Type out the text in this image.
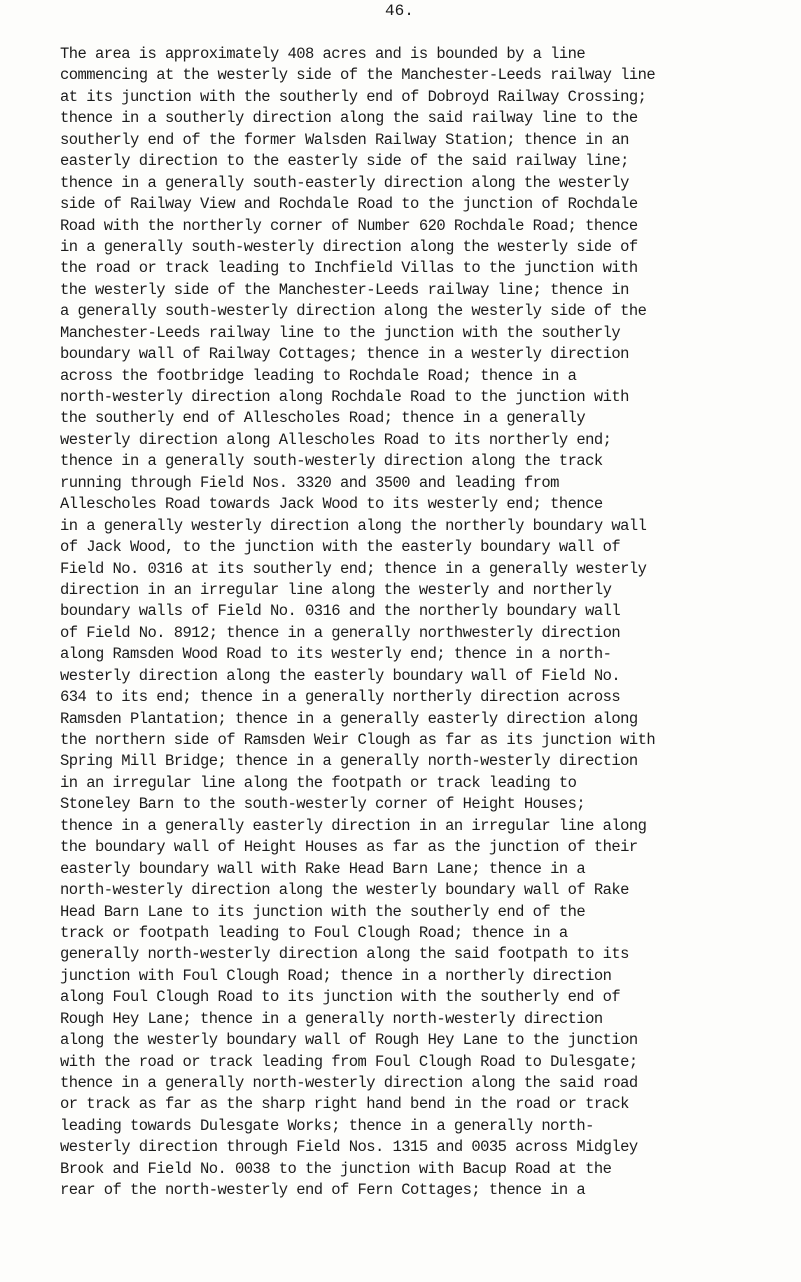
46.
The area is approximately 408 acres and is bounded by a line
commencing at the westerly side of the Manchester-Leeds railway line
at its junction with the southerly end of Dobroyd Railway Crossing;
thence in a southerly direction along the said railway line to the
southerly end of the former Walsden Railway Station; thence in an
easterly direction to the easterly side of the said railway line;
thence in a generally south-easterly direction along the westerly
side of Railway View and Rochdale Road to the junction of Rochdale
Road with the northerly corner of Number 620 Rochdale Road; thence
in a generally south-westerly direction along the westerly side of
the road or track leading to Inchfield Villas to the junction with
the westerly side of the Manchester-Leeds railway line; thence in
a generally south-westerly direction along the westerly side of the
Manchester-Leeds railway line to the junction with the southerly
boundary wall of Railway Cottages; thence in a westerly direction
across the footbridge leading to Rochdale Road; thence in a
north-westerly direction along Rochdale Road to the junction with
the southerly end of Allescholes Road; thence in a generally
westerly direction along Allescholes Road to its northerly end;
thence in a generally south-westerly direction along the track
running through Field Nos. 3320 and 3500 and leading from
Allescholes Road towards Jack Wood to its westerly end; thence
in a generally westerly direction along the northerly boundary wall
of Jack Wood, to the junction with the easterly boundary wall of
Field No. 0316 at its southerly end; thence in a generally westerly
direction in an irregular line along the westerly and northerly
boundary walls of Field No. 0316 and the northerly boundary wall
of Field No. 8912; thence in a generally northwesterly direction
along Ramsden Wood Road to its westerly end; thence in a north-
westerly direction along the easterly boundary wall of Field No.
634 to its end; thence in a generally northerly direction across
Ramsden Plantation; thence in a generally easterly direction along
the northern side of Ramsden Weir Clough as far as its junction with
Spring Mill Bridge; thence in a generally north-westerly direction
in an irregular line along the footpath or track leading to
Stoneley Barn to the south-westerly corner of Height Houses;
thence in a generally easterly direction in an irregular line along
the boundary wall of Height Houses as far as the junction of their
easterly boundary wall with Rake Head Barn Lane; thence in a
north-westerly direction along the westerly boundary wall of Rake
Head Barn Lane to its junction with the southerly end of the
track or footpath leading to Foul Clough Road; thence in a
generally north-westerly direction along the said footpath to its
junction with Foul Clough Road; thence in a northerly direction
along Foul Clough Road to its junction with the southerly end of
Rough Hey Lane; thence in a generally north-westerly direction
along the westerly boundary wall of Rough Hey Lane to the junction
with the road or track leading from Foul Clough Road to Dulesgate;
thence in a generally north-westerly direction along the said road
or track as far as the sharp right hand bend in the road or track
leading towards Dulesgate Works; thence in a generally north-
westerly direction through Field Nos. 1315 and 0035 across Midgley
Brook and Field No. 0038 to the junction with Bacup Road at the
rear of the north-westerly end of Fern Cottages; thence in a
